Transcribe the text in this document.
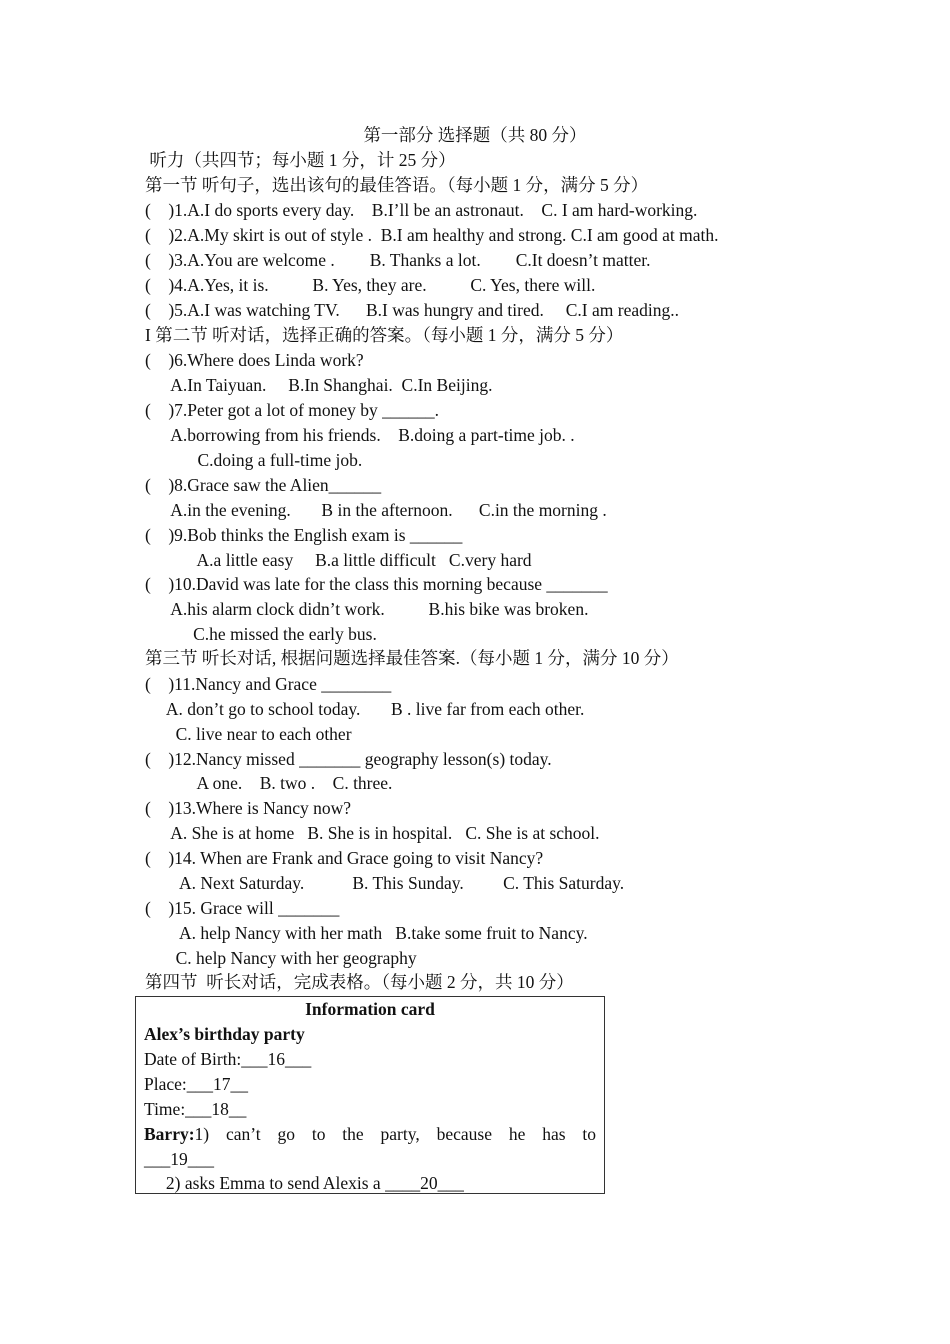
第一部分 选择题（共 80 分）
听力（共四节；每小题 1 分，计 25 分）
第一节 听句子，选出该句的最佳答语。（每小题 1 分，满分 5 分）
(    )1.A.I do sports every day.    B.I’ll be an astronaut.    C. I am hard-working.
(    )2.A.My skirt is out of style .  B.I am healthy and strong. C.I am good at math.
(    )3.A.You are welcome .        B. Thanks a lot.        C.It doesn’t matter.
(    )4.A.Yes, it is.          B. Yes, they are.          C. Yes, there will.
(    )5.A.I was watching TV.      B.I was hungry and tired.     C.I am reading..
I 第二节 听对话，选择正确的答案。（每小题 1 分，满分 5 分）
(    )6.Where does Linda work?
A.In Taiyuan.     B.In Shanghai.  C.In Beijing.
(    )7.Peter got a lot of money by ______.
A.borrowing from his friends.    B.doing a part-time job. .
C.doing a full-time job.
(    )8.Grace saw the Alien______
A.in the evening.       B in the afternoon.      C.in the morning .
(    )9.Bob thinks the English exam is ______
A.a little easy     B.a little difficult   C.very hard
(    )10.David was late for the class this morning because _______
A.his alarm clock didn’t work.          B.his bike was broken.
C.he missed the early bus.
第三节 听长对话, 根据问题选择最佳答案.（每小题 1 分，满分 10 分）
(    )11.Nancy and Grace ________
A. don’t go to school today.       B . live far from each other.
C. live near to each other
(    )12.Nancy missed _______ geography lesson(s) today.
A one.    B. two .    C. three.
(    )13.Where is Nancy now?
A. She is at home   B. She is in hospital.   C. She is at school.
(    )14. When are Frank and Grace going to visit Nancy?
A. Next Saturday.           B. This Sunday.         C. This Saturday.
(    )15. Grace will _______
A. help Nancy with her math   B.take some fruit to Nancy.
C. help Nancy with her geography
第四节  听长对话，完成表格。（每小题 2 分，共 10 分）
Information card
Alex’s birthday party
Date of Birth:___16___
Place:___17__
Time:___18__
Barry:1) can’t go to the party, because he has to
___19___
2) asks Emma to send Alexis a ____20___
